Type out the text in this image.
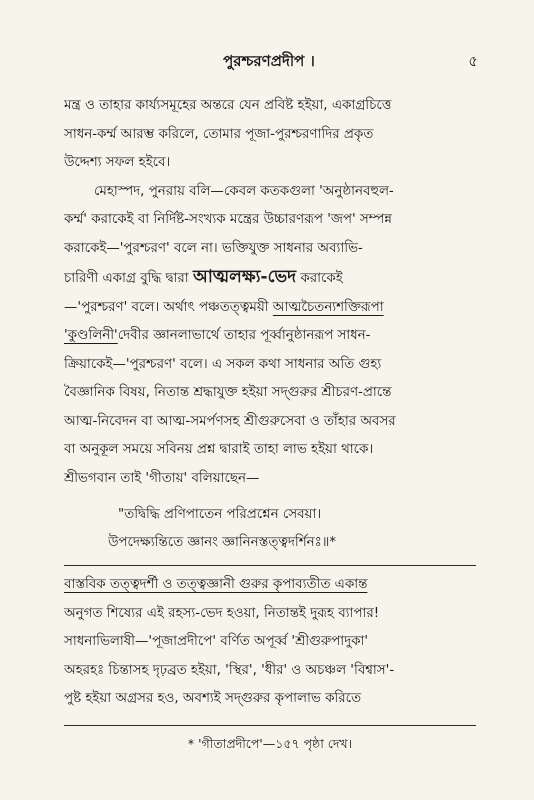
পুরশ্চরণপ্রদীপ ।	৫

মন্ত্র ও তাহার কার্য্যসমূহের অন্তরে যেন প্রবিষ্ট হইয়া, একাগ্রচিত্তে
সাধন-কর্ম্ম আরম্ভ করিলে, তোমার পূজা-পুরশ্চরণাদির প্রকৃত
উদ্দেশ্য সফল হইবে।

মেহাস্পদ, পুনরায় বলি—কেবল কতকগুলা 'অনুষ্ঠানবহুল-
কর্ম্ম' করাকেই বা নির্দিষ্ট-সংখ্যক মন্ত্রের উচ্চারণরূপ 'জপ' সম্পন্ন
করাকেই—'পুরশ্চরণ' বলে না। ভক্তিযুক্ত সাধনার অব্যাভি-
চারিণী একাগ্র বুদ্ধি দ্বারা আত্মলক্ষ্য-ভেদ করাকেই
—'পুরশ্চরণ' বলে। অর্থাৎ পঞ্চতত্ত্বময়ী আত্মচৈতন্যশক্তিরূপা
'কুণ্ডলিনী'দেবীর জ্ঞানলাভার্থে তাহার পূর্ব্বানুষ্ঠানরূপ সাধন-
ক্রিয়াকেই—'পুরশ্চরণ' বলে। এ সকল কথা সাধনার অতি গুহ্য
বৈজ্ঞানিক বিষয়, নিতান্ত শ্রদ্ধাযুক্ত হইয়া সদ্গুরুর শ্রীচরণ-প্রান্তে
আত্ম-নিবেদন বা আত্ম-সমর্পণসহ শ্রীগুরুসেবা ও তাঁহার অবসর
বা অনুকূল সময়ে সবিনয় প্রশ্ন দ্বারাই তাহা লাভ হইয়া থাকে।
শ্রীভগবান তাই 'গীতায়' বলিয়াছেন—

"তদ্বিদ্ধি প্রণিপাতেন পরিপ্রশ্নেন সেবয়া।
উপদেক্ষ্যন্তিতে জ্ঞানং জ্ঞানিনস্তত্ত্বদর্শিনঃ॥*

বাস্তবিক তত্ত্বদর্শী ও তত্ত্বজ্ঞানী গুরুর কৃপাব্যতীত একান্ত
অনুগত শিষ্যের এই রহস্য-ভেদ হওয়া, নিতান্তই দুরূহ ব্যাপার!
সাধনাভিলাষী—'পূজাপ্রদীপে' বর্ণিত অপূর্ব্ব 'শ্রীগুরুপাদুকা'
অহরহঃ চিন্তাসহ দৃঢ়ব্রত হইয়া, 'স্থির', 'ধীর' ও অচঞ্চল 'বিশ্বাস'-
পুষ্ট হইয়া অগ্রসর হও, অবশ্যই সদ্গুরুর কৃপালাভ করিতে

* 'গীতাপ্রদীপে'—১৫৭ পৃষ্ঠা দেখ।
